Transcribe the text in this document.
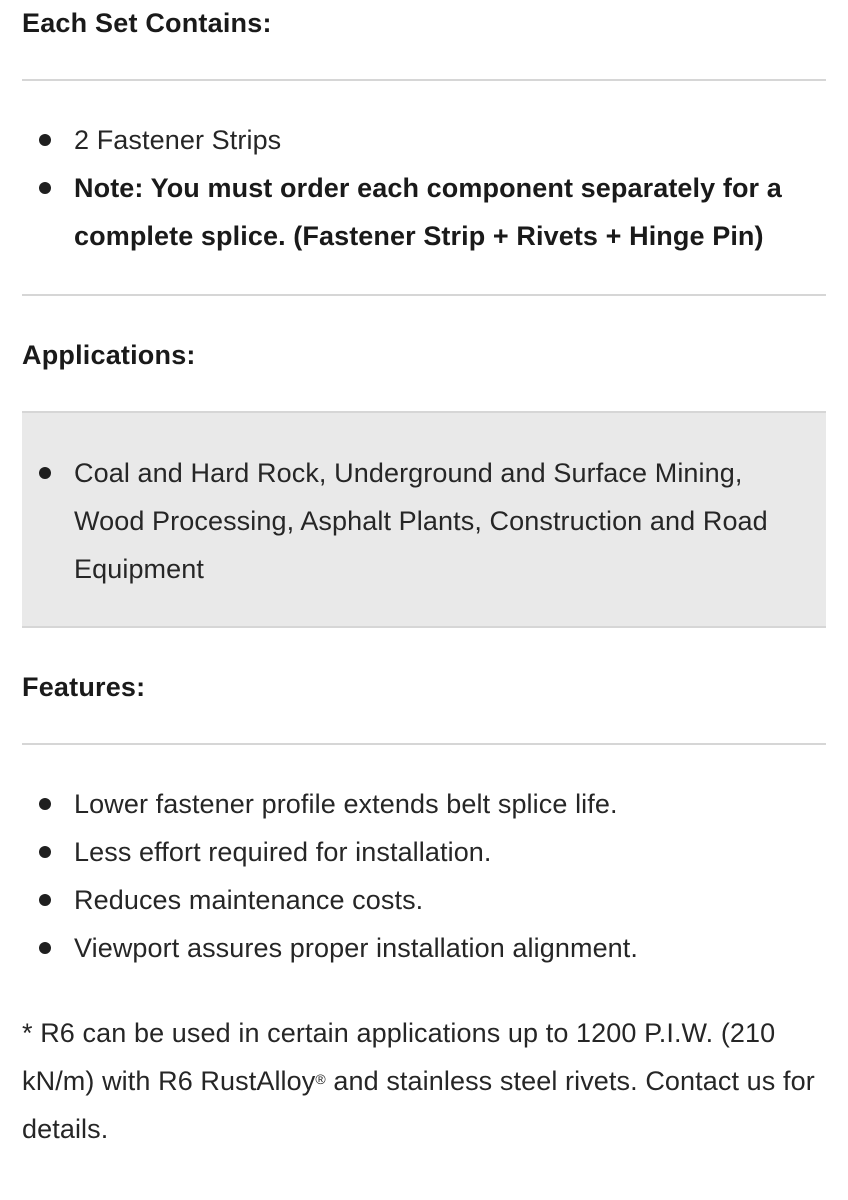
Each Set Contains:
2 Fastener Strips
Note: You must order each component separately for a complete splice. (Fastener Strip + Rivets + Hinge Pin)
Applications:
Coal and Hard Rock, Underground and Surface Mining, Wood Processing, Asphalt Plants, Construction and Road Equipment
Features:
Lower fastener profile extends belt splice life.
Less effort required for installation.
Reduces maintenance costs.
Viewport assures proper installation alignment.

* R6 can be used in certain applications up to 1200 P.I.W. (210 kN/m) with R6 RustAlloy® and stainless steel rivets. Contact us for details.
